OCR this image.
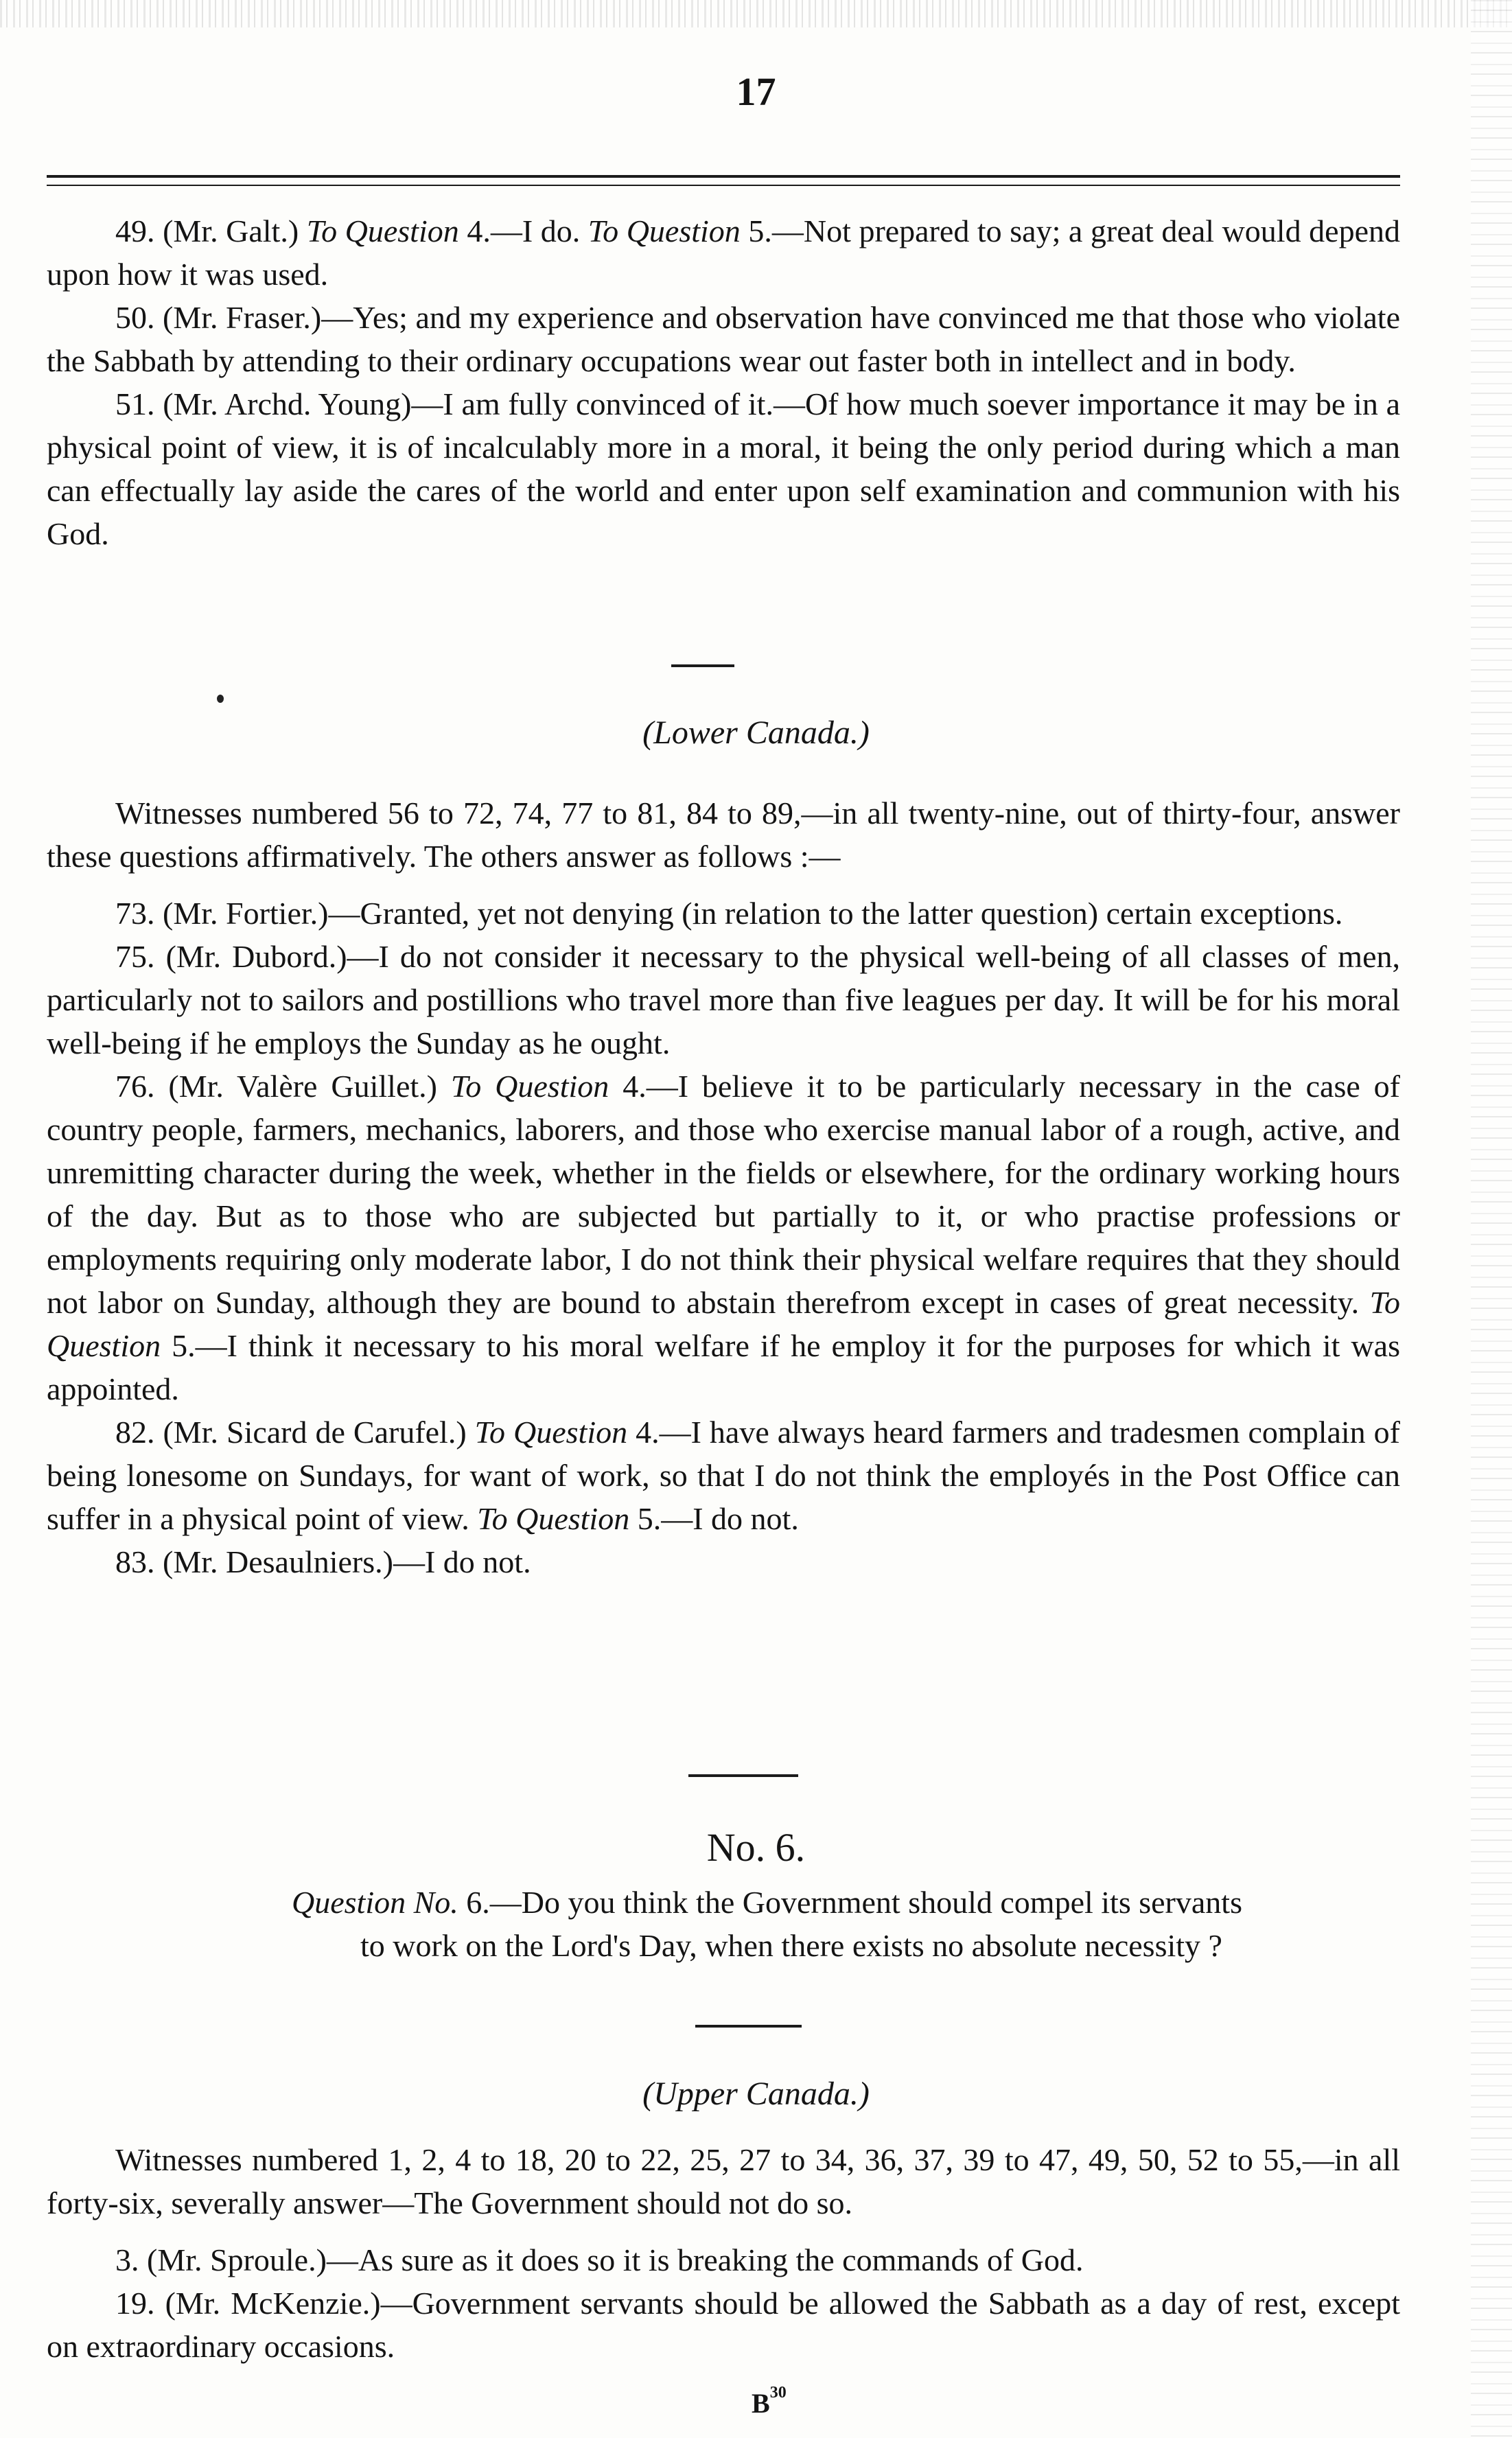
17

49. (Mr. Galt.) To Question 4.—I do. To Question 5.—Not prepared to say; a great deal would depend upon how it was used.

50. (Mr. Fraser.)—Yes; and my experience and observation have convinced me that those who violate the Sabbath by attending to their ordinary occupations wear out faster both in intellect and in body.

51. (Mr. Archd. Young)—I am fully convinced of it.—Of how much soever importance it may be in a physical point of view, it is of incalculably more in a moral, it being the only period during which a man can effectually lay aside the cares of the world and enter upon self examination and communion with his God.

(Lower Canada.)

Witnesses numbered 56 to 72, 74, 77 to 81, 84 to 89,—in all twenty-nine, out of thirty-four, answer these questions affirmatively. The others answer as follows :—

73. (Mr. Fortier.)—Granted, yet not denying (in relation to the latter question) certain exceptions.

75. (Mr. Dubord.)—I do not consider it necessary to the physical well-being of all classes of men, particularly not to sailors and postillions who travel more than five leagues per day. It will be for his moral well-being if he employs the Sunday as he ought.

76. (Mr. Valère Guillet.) To Question 4.—I believe it to be particularly necessary in the case of country people, farmers, mechanics, laborers, and those who exercise manual labor of a rough, active, and unremitting character during the week, whether in the fields or elsewhere, for the ordinary working hours of the day. But as to those who are subjected but partially to it, or who practise professions or employments requiring only moderate labor, I do not think their physical welfare requires that they should not labor on Sunday, although they are bound to abstain therefrom except in cases of great necessity. To Question 5.—I think it necessary to his moral welfare if he employ it for the purposes for which it was appointed.

82. (Mr. Sicard de Carufel.) To Question 4.—I have always heard farmers and tradesmen complain of being lonesome on Sundays, for want of work, so that I do not think the employés in the Post Office can suffer in a physical point of view. To Question 5.—I do not.

83. (Mr. Desaulniers.)—I do not.

No. 6.
Question No. 6.—Do you think the Government should compel its servants
to work on the Lord's Day, when there exists no absolute necessity ?
(Upper Canada.)

Witnesses numbered 1, 2, 4 to 18, 20 to 22, 25, 27 to 34, 36, 37, 39 to 47, 49, 50, 52 to 55,—in all forty-six, severally answer—The Government should not do so.

3. (Mr. Sproule.)—As sure as it does so it is breaking the commands of God.

19. (Mr. McKenzie.)—Government servants should be allowed the Sabbath as a day of rest, except on extraordinary occasions.

$B^{30}$
